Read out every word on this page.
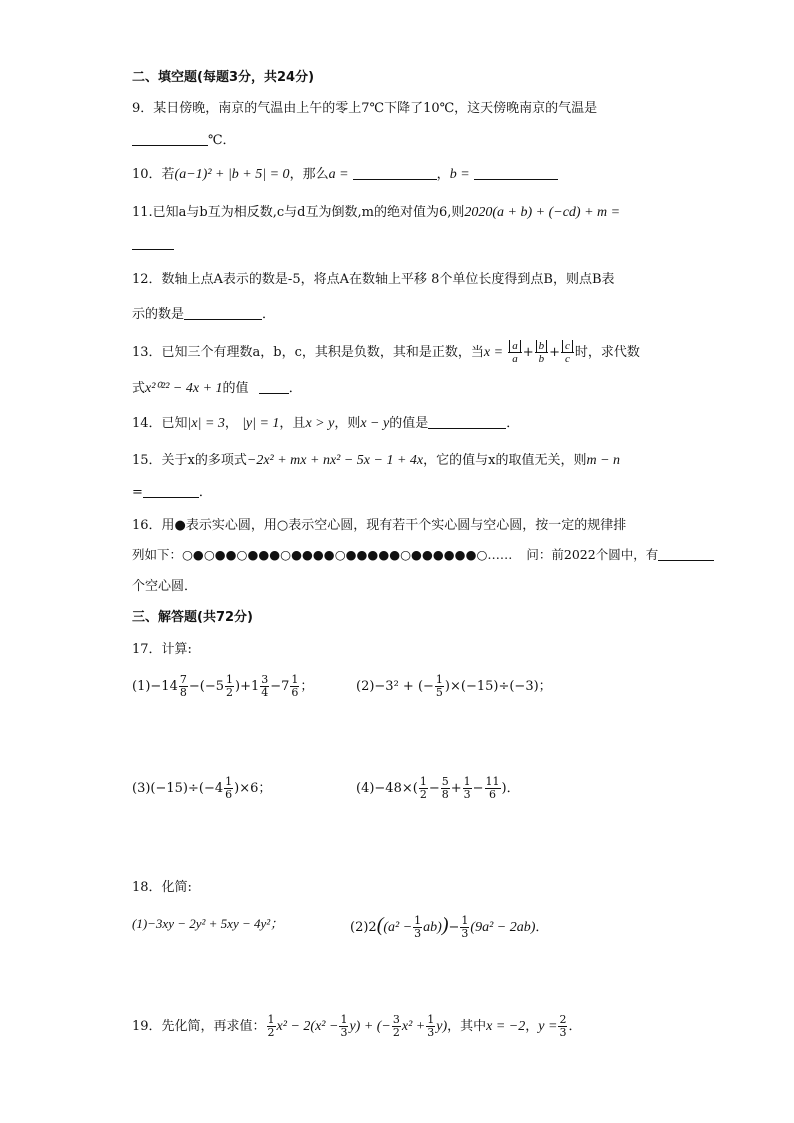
二、填空题(每题3分，共24分)
9．某日傍晚，南京的气温由上午的零上7℃下降了10℃，这天傍晚南京的气温是
℃．
10．若(a−1)² + |b + 5| = 0，那么a =	，b =
11.已知a与b互为相反数,c与d互为倒数,m的绝对值为6,则2020(a + b) + (−cd) + m =
12．数轴上点A表示的数是-5，将点A在数轴上平移 8个单位长度得到点B，则点B表
示的数是	．
13．已知三个有理数a，b，c，其积是负数，其和是正数，当$x = \frac{a}{a} + \frac{b}{b} + \frac{c}{c}$ 时，求代数
式x²⁰²² − 4x + 1的值	．
14．已知|x| = 3， |y| = 1，且x > y，则x − y的值是	．
15．关于x的多项式−2x² + mx + nx² − 5x − 1 + 4x，它的值与x的取值无关，则m − n
=	．
16．用●表示实心圆，用○表示空心圆，现有若干个实心圆与空心圆，按一定的规律排
列如下：○●○●●○●●●○●●●●○●●●●●○●●●●●●○…… 问：前2022个圆中，有
个空心圆．
三、解答题(共72分)
17．计算:
$(1)-14 \frac{7}{8} -(-5 \frac{1}{2} )+1 \frac{3}{4} -7 \frac{1}{6}$ ；	(2)−3² + (− $\frac{1}{5} )\times(-15)\div(-3)$；
$(3)(-15)\div(-4 \frac{1}{6} )\times 6$；	$(4)-48\times( \frac{1}{2} - \frac{5}{8} + \frac{1}{3} - \frac{11}{6}$ )．
18．化简:
(1)−3xy − 2y² + 5xy − 4y²；	$(2)2((a^2 - \frac{1}{3} ab))- \frac{1}{3} (9a^2 - 2ab)$．
19．先化简，再求值： $\frac{1}{2} x^2 - 2(x^2 - \frac{1}{3} y)$ + (− $\frac{3}{2} x^2 + \frac{1}{3} y$)，其中x = −2，$y = \frac{2}{3}$ ．
